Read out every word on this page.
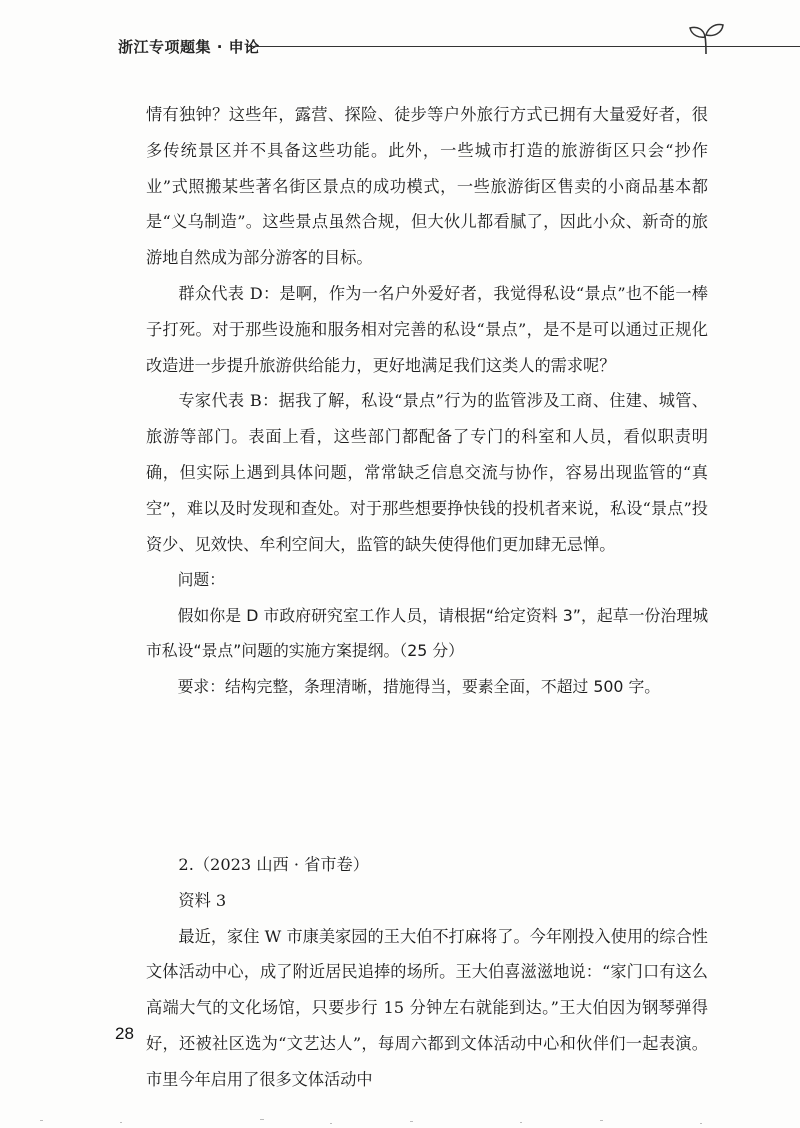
浙江专项题集 · 申论

情有独钟？这些年，露营、探险、徒步等户外旅行方式已拥有大量爱好者，很多传统景区并不具备这些功能。此外，一些城市打造的旅游街区只会“抄作业”式照搬某些著名街区景点的成功模式，一些旅游街区售卖的小商品基本都是“义乌制造”。这些景点虽然合规，但大伙儿都看腻了，因此小众、新奇的旅游地自然成为部分游客的目标。

群众代表 D：是啊，作为一名户外爱好者，我觉得私设“景点”也不能一棒子打死。对于那些设施和服务相对完善的私设“景点”，是不是可以通过正规化改造进一步提升旅游供给能力，更好地满足我们这类人的需求呢？

专家代表 B：据我了解，私设“景点”行为的监管涉及工商、住建、城管、旅游等部门。表面上看，这些部门都配备了专门的科室和人员，看似职责明确，但实际上遇到具体问题，常常缺乏信息交流与协作，容易出现监管的“真空”，难以及时发现和查处。对于那些想要挣快钱的投机者来说，私设“景点”投资少、见效快、牟利空间大，监管的缺失使得他们更加肆无忌惮。

问题：

假如你是 D 市政府研究室工作人员，请根据“给定资料 3”，起草一份治理城市私设“景点”问题的实施方案提纲。（25 分）

要求：结构完整，条理清晰，措施得当，要素全面，不超过 500 字。

2.（2023 山西 · 省市卷）

资料 3

最近，家住 W 市康美家园的王大伯不打麻将了。今年刚投入使用的综合性文体活动中心，成了附近居民追捧的场所。王大伯喜滋滋地说：“家门口有这么高端大气的文化场馆，只要步行 15 分钟左右就能到达。”王大伯因为钢琴弹得好，还被社区选为“文艺达人”，每周六都到文体活动中心和伙伴们一起表演。市里今年启用了很多文体活动中

28
